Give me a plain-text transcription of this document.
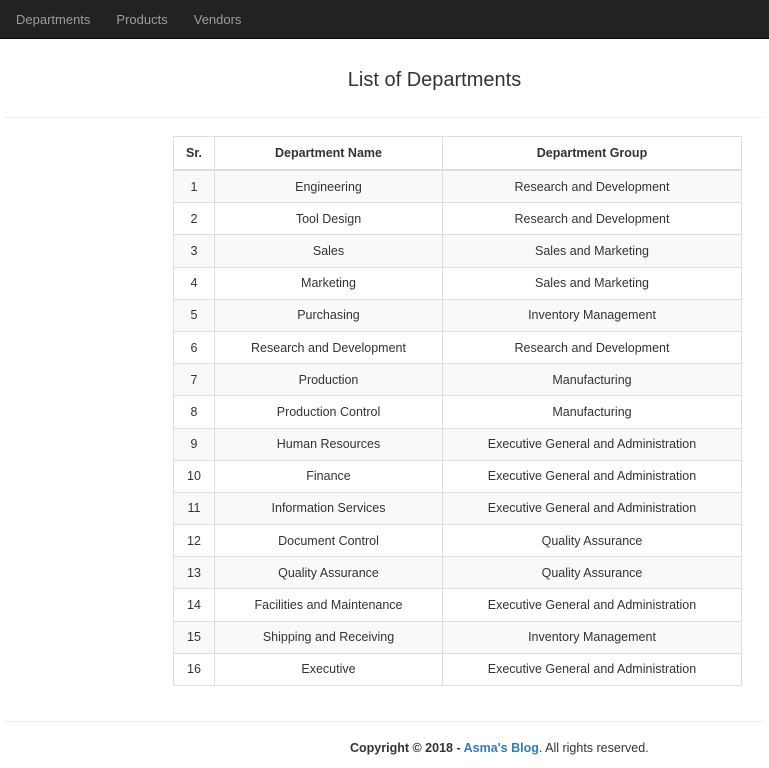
Departments Products Vendors
List of Departments
Sr.	Department Name	Department Group
1	Engineering	Research and Development
2	Tool Design	Research and Development
3	Sales	Sales and Marketing
4	Marketing	Sales and Marketing
5	Purchasing	Inventory Management
6	Research and Development	Research and Development
7	Production	Manufacturing
8	Production Control	Manufacturing
9	Human Resources	Executive General and Administration
10	Finance	Executive General and Administration
11	Information Services	Executive General and Administration
12	Document Control	Quality Assurance
13	Quality Assurance	Quality Assurance
14	Facilities and Maintenance	Executive General and Administration
15	Shipping and Receiving	Inventory Management
16	Executive	Executive General and Administration
Copyright © 2018 - Asma's Blog. All rights reserved.
